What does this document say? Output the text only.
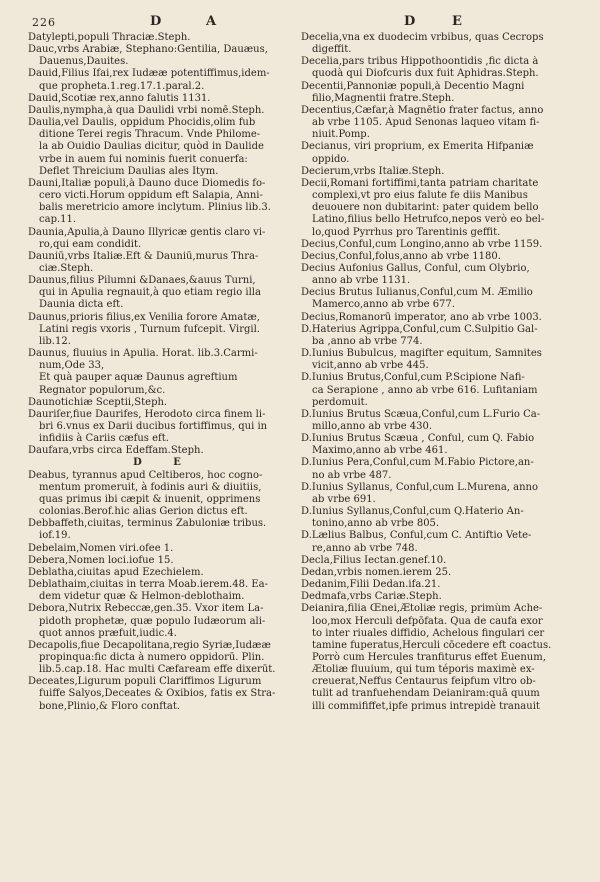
226	D	A	D	E
Datylepti,populi Thraciæ.Steph.
Dauc,vrbs Arabiæ, Stephano:Gentilia, Dauæus,
Dauenus,Dauites.
Dauid,Filius Ifai,rex Iudææ potentiffimus,idem-
que propheta.1.reg.17.1.paral.2.
Dauid,Scotiæ rex,anno falutis 1131.
Daulis,nympha,à qua Daulidi vrbi nomē.Steph.
Daulia,vel Daulis, oppidum Phocidis,olim fub
ditione Terei regis Thracum. Vnde Philome-
la ab Ouidio Daulias dicitur, quòd in Daulide
vrbe in auem fui nominis fuerit conuerfa:
Deflet Threicium Daulias ales Itym.
Dauni,Italiæ populi,à Dauno duce Diomedis fo-
cero victi.Horum oppidum eft Salapia, Anni-
balis meretricio amore inclytum. Plinius lib.3.
cap.11.
Daunia,Apulia,à Dauno Illyricæ gentis claro vi-
ro,qui eam condidit.
Dauniū,vrbs Italiæ.Eft & Dauniū,murus Thra-
ciæ.Steph.
Daunus,filius Pilumni &Danaes,&auus Turni,
qui in Apulia regnauit,à quo etiam regio illa
Daunia dicta eft.
Daunus,prioris filius,ex Venilia forore Amatæ,
Latini regis vxoris , Turnum fufcepit. Virgil.
lib.12.
Daunus, fluuius in Apulia. Horat. lib.3.Carmi-
num,Ode 33,
Et quà pauper aquæ Daunus agreftium
Regnator populorum,&c.
Daunotichiæ Sceptii,Steph.
Dauriſer,fiue Daurifes, Herodoto circa finem li-
bri 6.vnus ex Darii ducibus fortiffimus, qui in
infidiis à Cariis cæfus eft.
Daufara,vrbs circa Edeffam.Steph.
D E
Deabus, tyrannus apud Celtiberos, hoc cogno-
mentum promeruit, à fodinis auri & diuitiis,
quas primus ibi cæpit & inuenit, opprimens
colonias.Berof.hic alias Gerion dictus eft.
Debbaffeth,ciuitas, terminus Zabuloniæ tribus.
iof.19.
Debelaim,Nomen viri.ofee 1.
Debera,Nomen loci.iofue 15.
Deblatha,ciuitas apud Ezechielem.
Deblathaim,ciuitas in terra Moab.ierem.48. Ea-
dem videtur quæ & Helmon-deblothaim.
Debora,Nutrix Rebeccæ,gen.35. Vxor item La-
pidoth prophetæ, quæ populo Iudæorum ali-
quot annos præfuit,iudic.4.
Decapolis,fiue Decapolitana,regio Syriæ,Iudææ
propinqua:fic dicta à numero oppidorū. Plin.
lib.5.cap.18. Hac multi Cæfaream effe dixerūt.
Deceates,Ligurum populi Clariffimos Ligurum
fuiffe Salyos,Deceates & Oxibios, fatis ex Stra-
bone,Plinio,& Floro conftat.
Decelia,vna ex duodecim vrbibus, quas Cecrops
digeffit.
Decelia,pars tribus Hippothoontidis ,fic dicta à
quodà qui Diofcuris dux fuit Aphidras.Steph.
Decentii,Pannoniæ populi,à Decentio Magni
filio,Magnentii fratre.Steph.
Decentius,Cæfar,à Magnētio frater factus, anno
ab vrbe 1105. Apud Senonas laqueo vitam fi-
niuit.Pomp.
Decianus, viri proprium, ex Emerita Hifpaniæ
oppido.
Decierum,vrbs Italiæ.Steph.
Decii,Romani fortiffimi,tanta patriam charitate
complexi,vt pro eius falute fe diis Manibus
deuouere non dubitarint: pater quidem bello
Latino,filius bello Hetrufco,nepos verò eo bel-
lo,quod Pyrrhus pro Tarentinis geffit.
Decius,Conful,cum Longino,anno ab vrbe 1159.
Decius,Conful,folus,anno ab vrbe 1180.
Decius Aufonius Gallus, Conful, cum Olybrio,
anno ab vrbe 1131.
Decius Brutus Iulianus,Conful,cum M. Æmilio
Mamerco,anno ab vrbe 677.
Decius,Romanorū imperator, ano ab vrbe 1003.
D.Haterius Agrippa,Conful,cum C.Sulpitio Gal-
ba ,anno ab vrbe 774.
D.Iunius Bubulcus, magifter equitum, Samnites
vicit,anno ab vrbe 445.
D.Iunius Brutus,Conful,cum P.Scipione Nafi-
ca Serapione , anno ab vrbe 616. Lufitaniam
perdomuit.
D.Iunius Brutus Scæua,Conful,cum L.Furio Ca-
millo,anno ab vrbe 430.
D.Iunius Brutus Scæua , Conful, cum Q. Fabio
Maximo,anno ab vrbe 461.
D.Iunius Pera,Conful,cum M.Fabio Pictore,an-
no ab vrbe 487.
D.Iunius Syllanus, Conful,cum L.Murena, anno
ab vrbe 691.
D.Iunius Syllanus,Conful,cum Q.Haterio An-
tonino,anno ab vrbe 805.
D.Lælius Balbus, Conful,cum C. Antiftio Vete-
re,anno ab vrbe 748.
Decla,Filius Iectan.genef.10.
Dedan,vrbis nomen.ierem 25.
Dedanim,Filii Dedan.ifa.21.
Dedmafa,vrbs Cariæ.Steph.
Deianira,filia Œnei,Ætoliæ regis, primùm Ache-
loo,mox Herculi defpōfata. Qua de caufa exor
to inter riuales diffidio, Achelous fingulari cer
tamine fuperatus,Herculi cōcedere eft coactus.
Porrò cum Hercules tranfiturus effet Euenum,
Ætoliæ fluuium, qui tum téporis maximè ex-
creuerat,Neffus Centaurus feipfum vltro ob-
tulit ad tranfuehendam Deianiram:quā quum
illi commififfet,ipfe primus intrepidè tranauit
